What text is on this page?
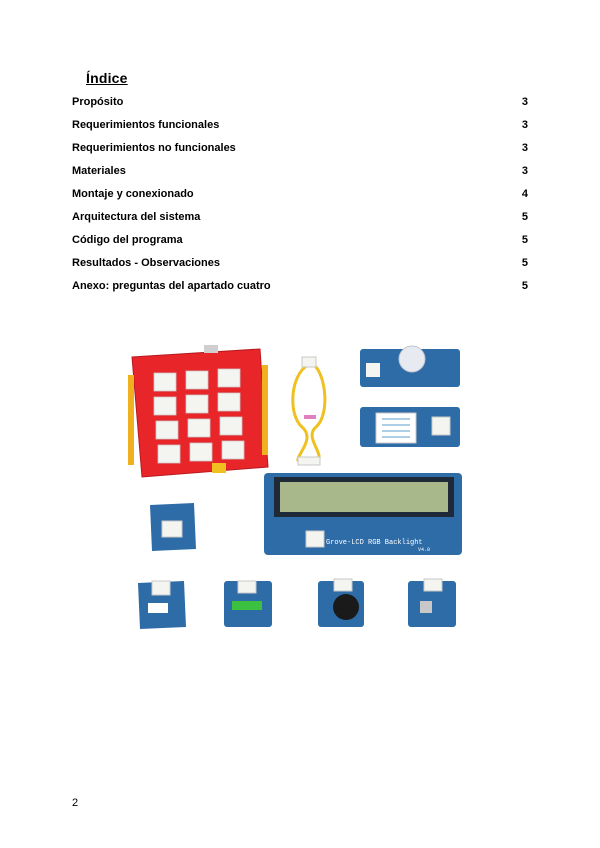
Índice
Propósito	3
Requerimientos funcionales	3
Requerimientos no funcionales	3
Materiales	3
Montaje y conexionado	4
Arquitectura del sistema	5
Código del programa	5
Resultados - Observaciones	5
Anexo: preguntas del apartado cuatro	5
Grove-LCD RGB Backlight
V4.0
2
